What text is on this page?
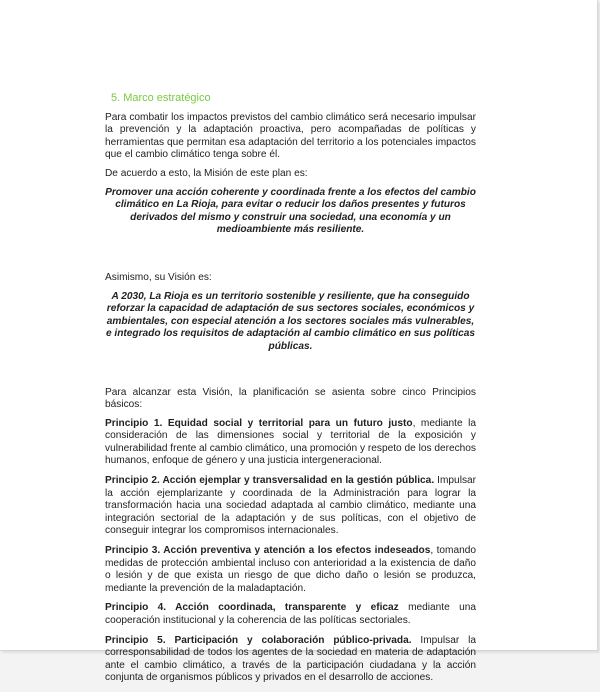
5. Marco estratégico

Para combatir los impactos previstos del cambio climático será necesario impulsar la prevención y la adaptación proactiva, pero acompañadas de políticas y herramientas que permitan esa adaptación del territorio a los potenciales impactos que el cambio climático tenga sobre él.

De acuerdo a esto, la Misión de este plan es:

Promover una acción coherente y coordinada frente a los efectos del cambio climático en La Rioja, para evitar o reducir los daños presentes y futuros derivados del mismo y construir una sociedad, una economía y un medioambiente más resiliente.

Asimismo, su Visión es:

A 2030, La Rioja es un territorio sostenible y resiliente, que ha conseguido reforzar la capacidad de adaptación de sus sectores sociales, económicos y ambientales, con especial atención a los sectores sociales más vulnerables, e integrado los requisitos de adaptación al cambio climático en sus políticas públicas.

Para alcanzar esta Visión, la planificación se asienta sobre cinco Principios básicos:

Principio 1. Equidad social y territorial para un futuro justo, mediante la consideración de las dimensiones social y territorial de la exposición y vulnerabilidad frente al cambio climático, una promoción y respeto de los derechos humanos, enfoque de género y una justicia intergeneracional.

Principio 2. Acción ejemplar y transversalidad en la gestión pública. Impulsar la acción ejemplarizante y coordinada de la Administración para lograr la transformación hacia una sociedad adaptada al cambio climático, mediante una integración sectorial de la adaptación y de sus políticas, con el objetivo de conseguir integrar los compromisos internacionales.

Principio 3. Acción preventiva y atención a los efectos indeseados, tomando medidas de protección ambiental incluso con anterioridad a la existencia de daño o lesión y de que exista un riesgo de que dicho daño o lesión se produzca, mediante la prevención de la maladaptación.

Principio 4. Acción coordinada, transparente y eficaz mediante una cooperación institucional y la coherencia de las políticas sectoriales.

Principio 5. Participación y colaboración público-privada. Impulsar la corresponsabilidad de todos los agentes de la sociedad en materia de adaptación ante el cambio climático, a través de la participación ciudadana y la acción conjunta de organismos públicos y privados en el desarrollo de acciones.
